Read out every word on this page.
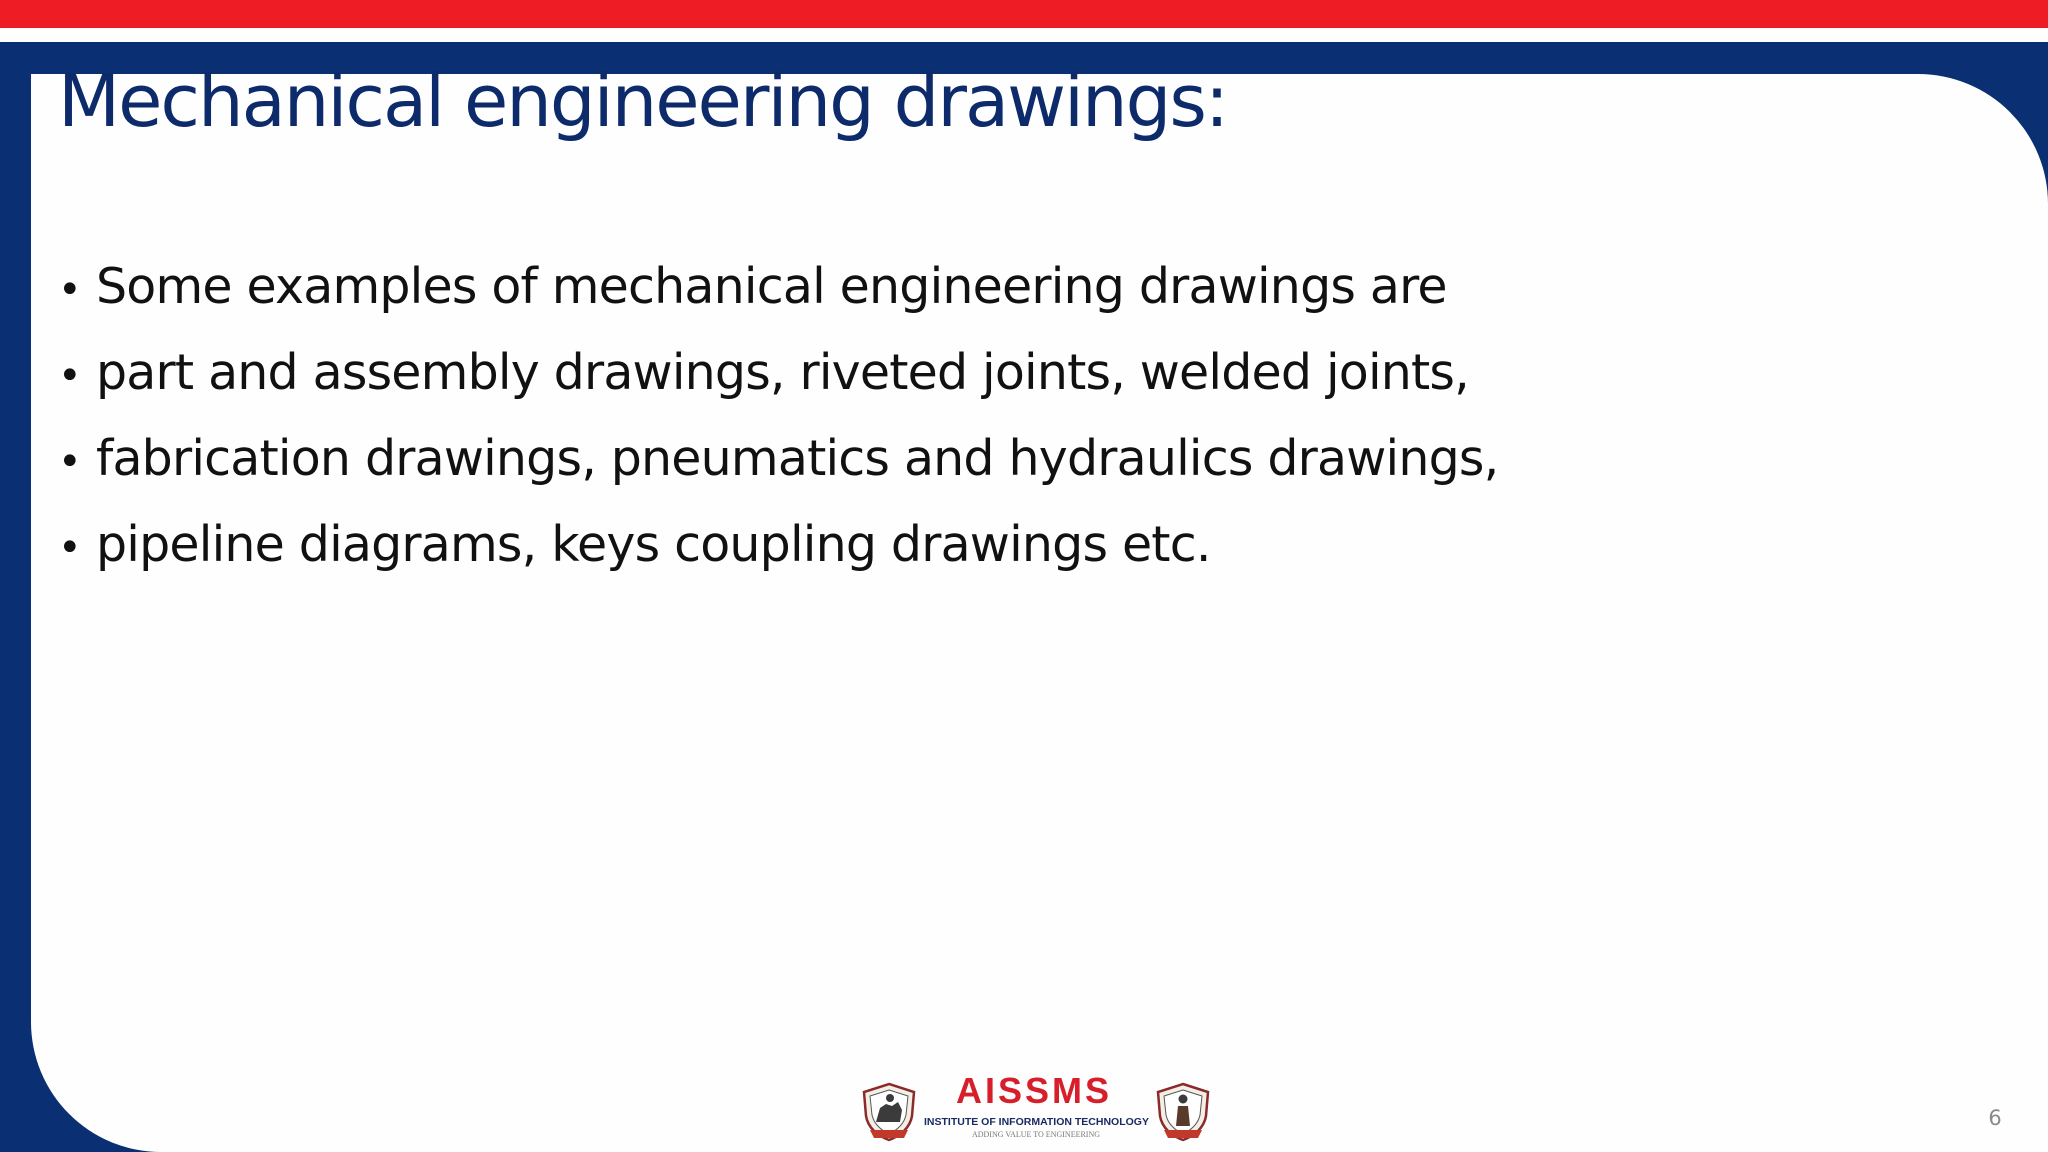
Mechanical engineering drawings:
• Some examples of mechanical engineering drawings are
• part and assembly drawings, riveted joints, welded joints,
• fabrication drawings, pneumatics and hydraulics drawings,
• pipeline diagrams, keys coupling drawings etc.
AISSMS
INSTITUTE OF INFORMATION TECHNOLOGY
ADDING VALUE TO ENGINEERING
6
